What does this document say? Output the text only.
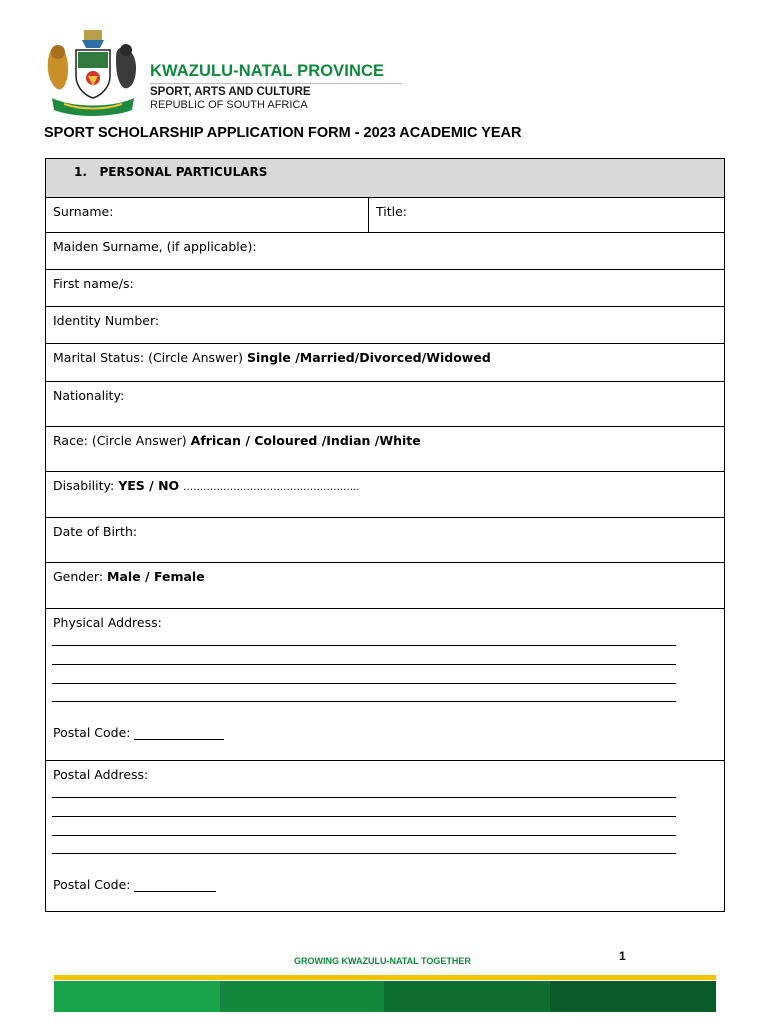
KWAZULU-NATAL PROVINCE
SPORT, ARTS AND CULTURE
REPUBLIC OF SOUTH AFRICA
SPORT SCHOLARSHIP APPLICATION FORM - 2023 ACADEMIC YEAR
1. PERSONAL PARTICULARS
Surname:	Title:
Maiden Surname, (if applicable):
First name/s:
Identity Number:
Marital Status: (Circle Answer) Single /Married/Divorced/Widowed
Nationality:
Race: (Circle Answer) African / Coloured /Indian /White
Disability: YES / NO ……………………………………………..
Date of Birth:
Gender: Male / Female
Physical Address:
Postal Code:
Postal Address:
Postal Code:
1
GROWING KWAZULU-NATAL TOGETHER
